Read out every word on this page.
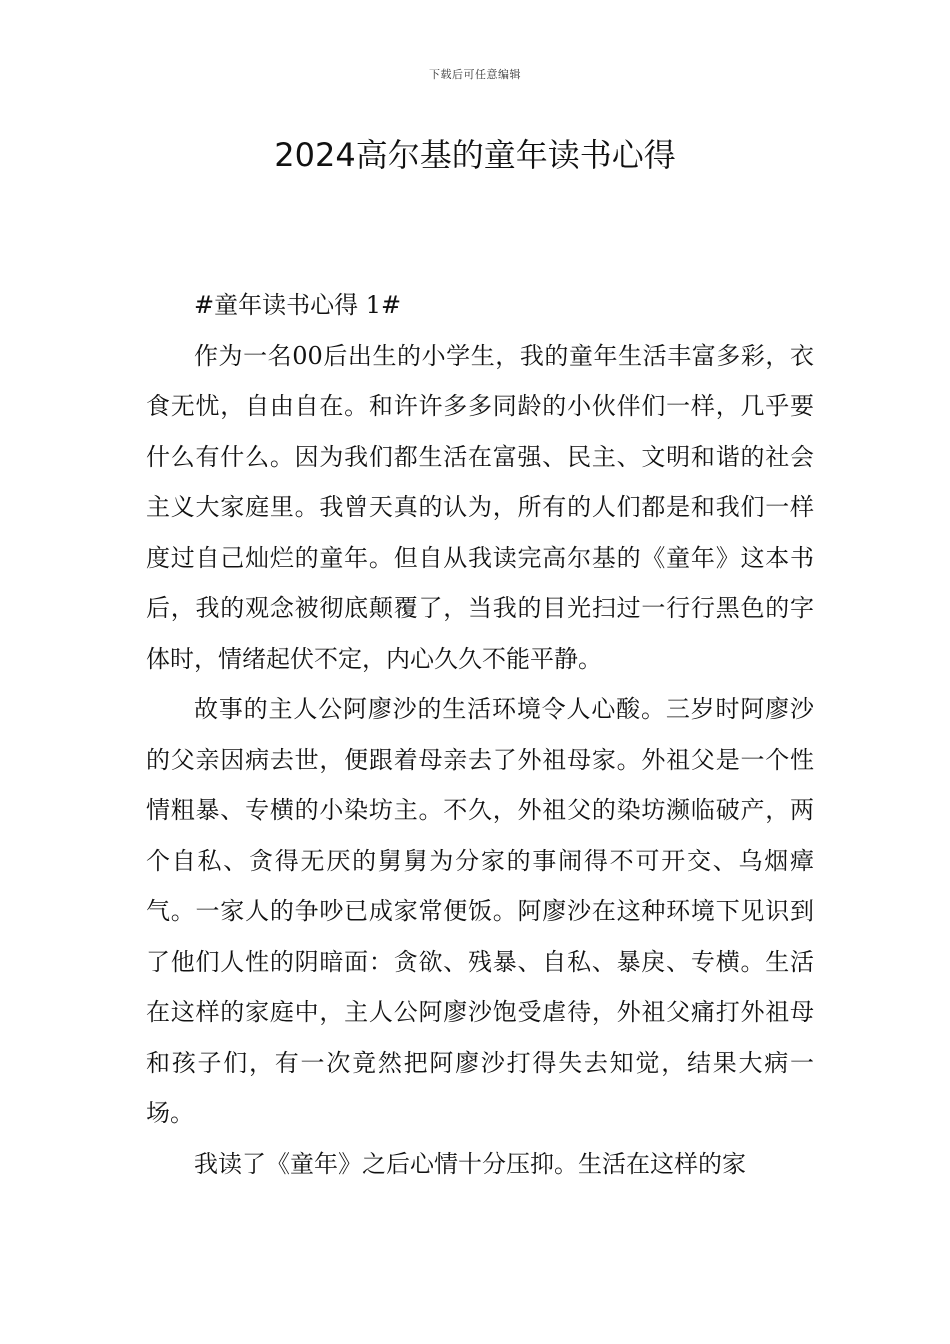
下载后可任意编辑
2024高尔基的童年读书心得

#童年读书心得 1#

作为一名00后出生的小学生，我的童年生活丰富多彩，衣食无忧，自由自在。和许许多多同龄的小伙伴们一样，几乎要什么有什么。因为我们都生活在富强、民主、文明和谐的社会主义大家庭里。我曾天真的认为，所有的人们都是和我们一样度过自己灿烂的童年。但自从我读完高尔基的《童年》这本书后，我的观念被彻底颠覆了，当我的目光扫过一行行黑色的字体时，情绪起伏不定，内心久久不能平静。

故事的主人公阿廖沙的生活环境令人心酸。三岁时阿廖沙的父亲因病去世，便跟着母亲去了外祖母家。外祖父是一个性情粗暴、专横的小染坊主。不久，外祖父的染坊濒临破产，两个自私、贪得无厌的舅舅为分家的事闹得不可开交、乌烟瘴气。一家人的争吵已成家常便饭。阿廖沙在这种环境下见识到了他们人性的阴暗面：贪欲、残暴、自私、暴戾、专横。生活在这样的家庭中，主人公阿廖沙饱受虐待，外祖父痛打外祖母和孩子们，有一次竟然把阿廖沙打得失去知觉，结果大病一场。

我读了《童年》之后心情十分压抑。生活在这样的家
